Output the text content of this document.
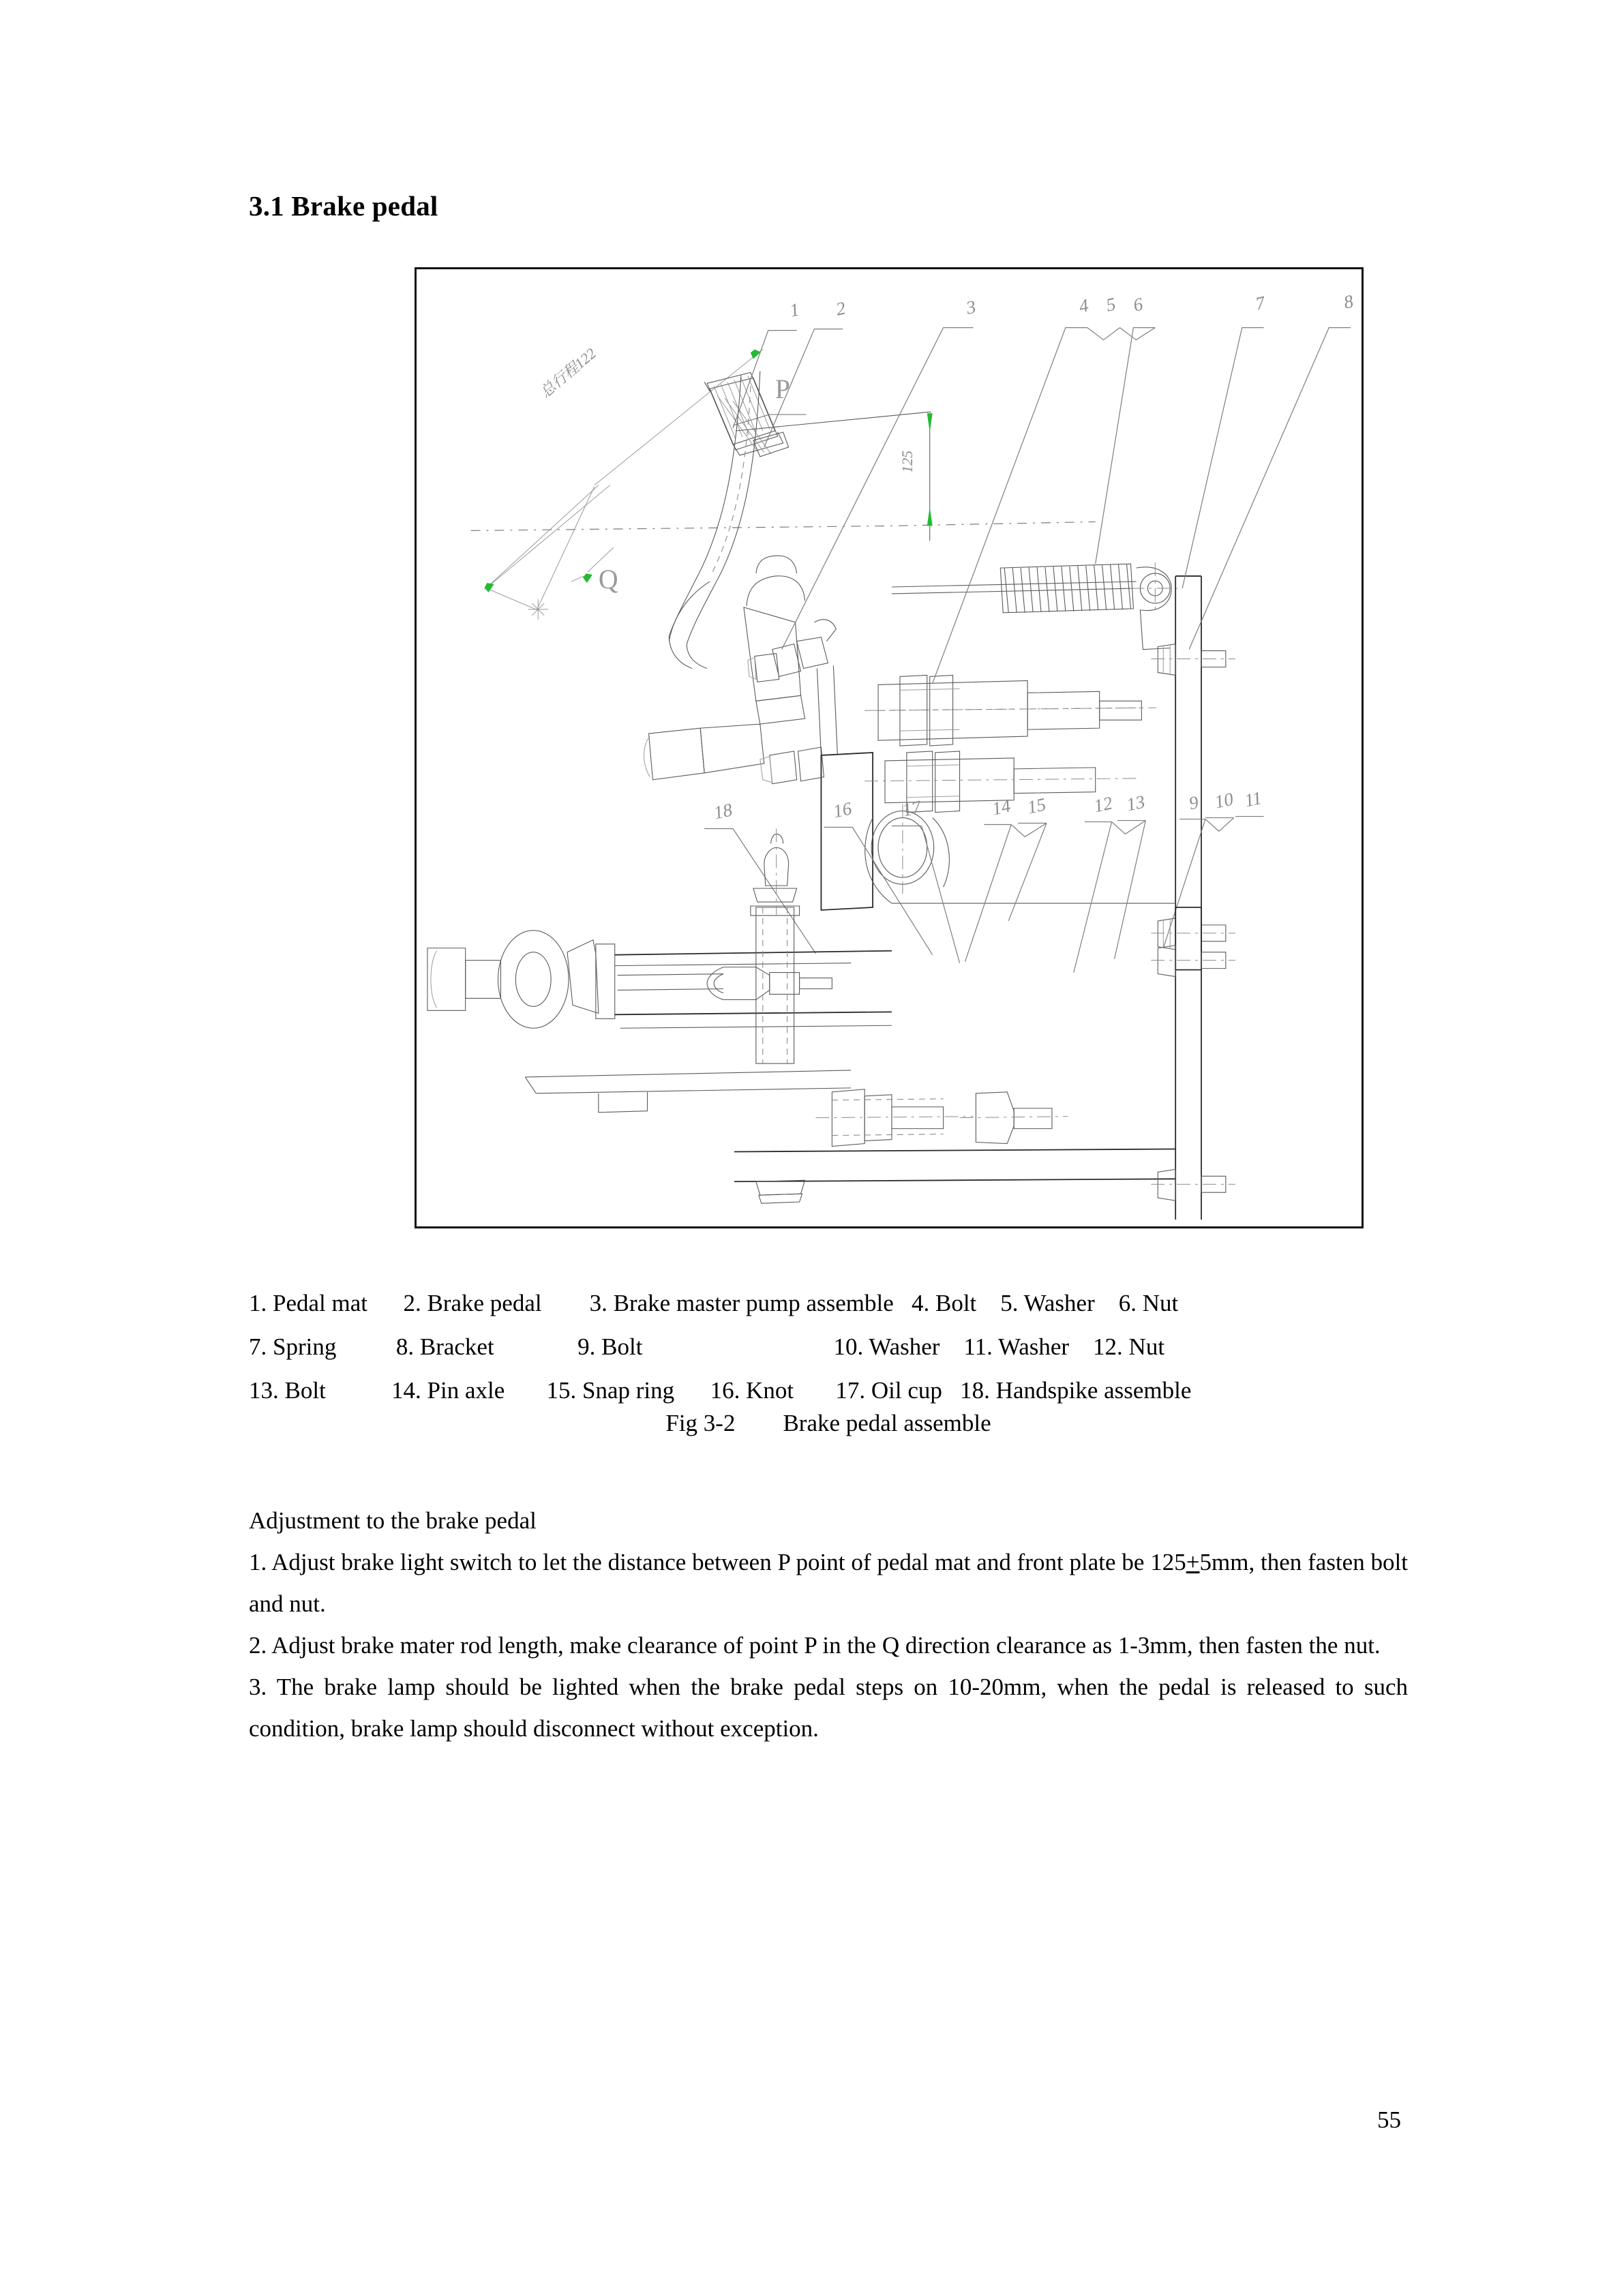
3.1 Brake pedal
总行程122
Q
P
125
1 2	3	4 5 6	7	8
18	16	17	14 15 12 13 9 10 11
1. Pedal mat      2. Brake pedal        3. Brake master pump assemble   4. Bolt    5. Washer    6. Nut
7. Spring          8. Bracket              9. Bolt                                10. Washer    11. Washer    12. Nut
13. Bolt           14. Pin axle       15. Snap ring      16. Knot       17. Oil cup   18. Handspike assemble
Fig 3-2        Brake pedal assemble

Adjustment to the brake pedal

1. Adjust brake light switch to let the distance between P point of pedal mat and front plate be 125+5mm, then fasten bolt and nut.

2. Adjust brake mater rod length, make clearance of point P in the Q direction clearance as 1-3mm, then fasten the nut.

3. The brake lamp should be lighted when the brake pedal steps on 10-20mm, when the pedal is released to such condition, brake lamp should disconnect without exception.

55
